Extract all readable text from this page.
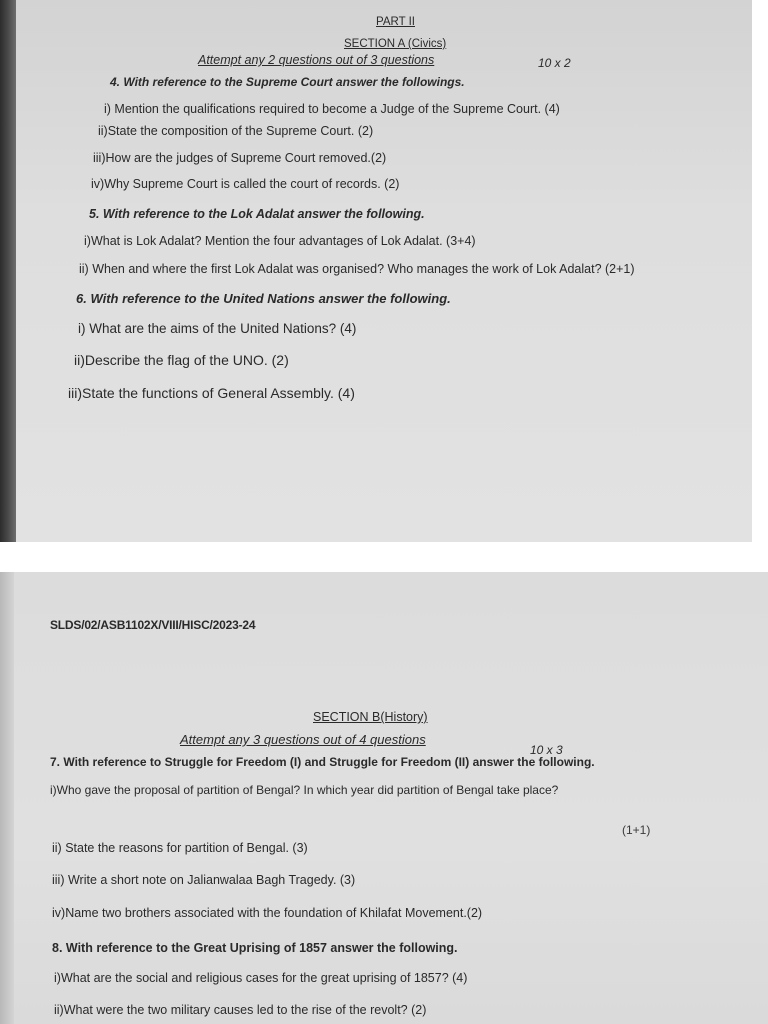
PART II
SECTION A (Civics)
Attempt any 2 questions out of 3 questions	10 x 2
4. With reference to the Supreme Court answer the followings.
i) Mention the qualifications required to become a Judge of the Supreme Court. (4)
ii)State the composition of the Supreme Court. (2)
iii)How are the judges of Supreme Court removed.(2)
iv)Why Supreme Court is called the court of records. (2)
5. With reference to the Lok Adalat answer the following.
i)What is Lok Adalat? Mention the four advantages of Lok Adalat. (3+4)
ii) When and where the first Lok Adalat was organised? Who manages the work of Lok Adalat? (2+1)
6. With reference to the United Nations answer the following.
i) What are the aims of the United Nations? (4)
ii)Describe the flag of the UNO. (2)
iii)State the functions of General Assembly. (4)
SLDS/02/ASB1102X/VIII/HISC/2023-24
SECTION B(History)
Attempt any 3 questions out of 4 questions
10 x 3
7. With reference to Struggle for Freedom (I) and Struggle for Freedom (II) answer the following.
i)Who gave the proposal of partition of Bengal? In which year did partition of Bengal take place?
(1+1)
ii) State the reasons for partition of Bengal. (3)
iii) Write a short note on Jalianwalaa Bagh Tragedy. (3)
iv)Name two brothers associated with the foundation of Khilafat Movement.(2)
8. With reference to the Great Uprising of 1857 answer the following.
i)What are the social and religious cases for the great uprising of 1857? (4)
ii)What were the two military causes led to the rise of the revolt? (2)
